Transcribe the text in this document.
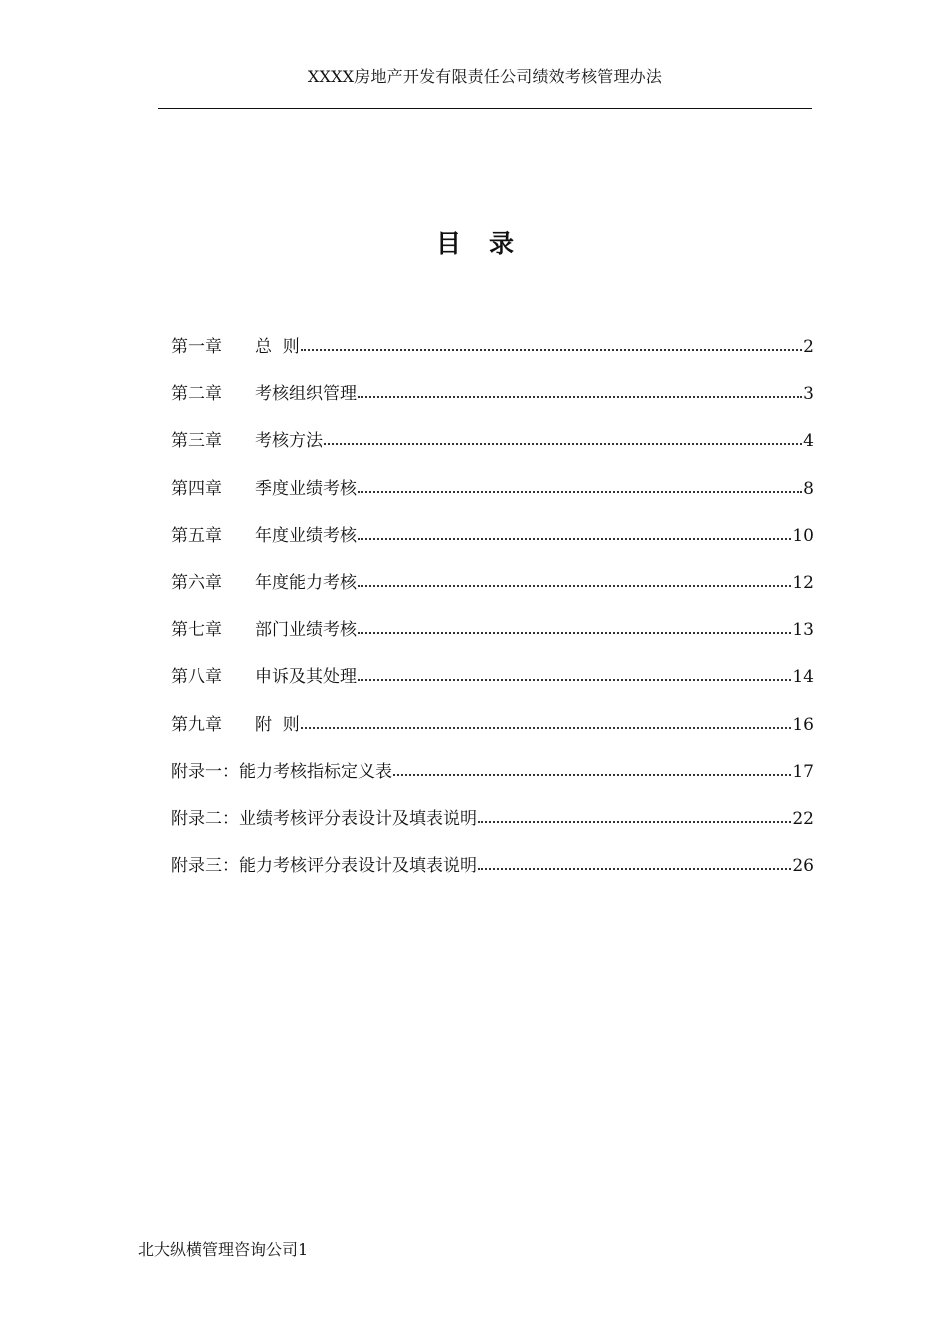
XXXX房地产开发有限责任公司绩效考核管理办法
目录
第一章	总  则	2
第二章	考核组织管理	3
第三章	考核方法	4
第四章	季度业绩考核	8
第五章	年度业绩考核	10
第六章	年度能力考核	12
第七章	部门业绩考核	13
第八章	申诉及其处理	14
第九章	附  则	16
附录一：能力考核指标定义表	17
附录二：业绩考核评分表设计及填表说明	22
附录三：能力考核评分表设计及填表说明	26
北大纵横管理咨询公司1
